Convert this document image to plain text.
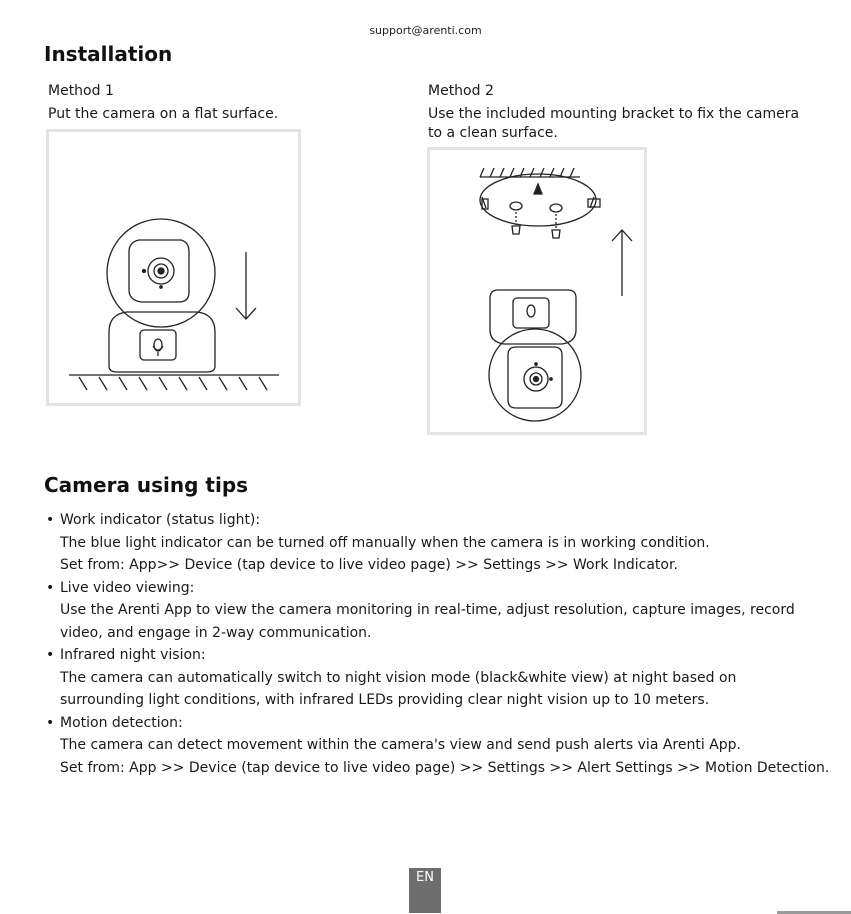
support@arenti.com
Installation
Method 1
Put the camera on a flat surface.
Method 2
Use the included mounting bracket to fix the camera
to a clean surface.
Camera using tips
• Work indicator (status light):
The blue light indicator can be turned off manually when the camera is in working condition.
Set from: App>> Device (tap device to live video page) >> Settings >> Work Indicator.
• Live video viewing:
Use the Arenti App to view the camera monitoring in real-time, adjust resolution, capture images, record
video, and engage in 2-way communication.
• Infrared night vision:
The camera can automatically switch to night vision mode (black&white view) at night based on
surrounding light conditions, with infrared LEDs providing clear night vision up to 10 meters.
• Motion detection:
The camera can detect movement within the camera's view and send push alerts via Arenti App.
Set from: App >> Device (tap device to live video page) >> Settings >> Alert Settings >> Motion Detection.
EN
